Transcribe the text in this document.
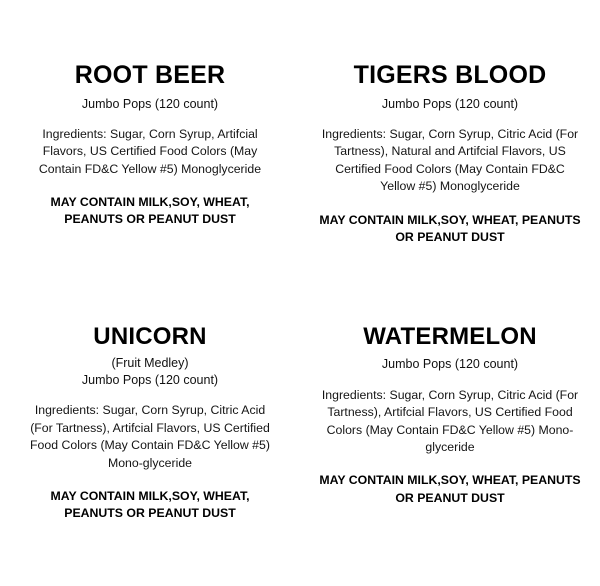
ROOT BEER
Jumbo Pops (120 count)
Ingredients: Sugar, Corn Syrup, Artifcial Flavors, US Certified Food Colors (May Contain FD&C Yellow #5) Monoglyceride
MAY CONTAIN MILK,SOY, WHEAT, PEANUTS OR PEANUT DUST
TIGERS BLOOD
Jumbo Pops (120 count)
Ingredients: Sugar, Corn Syrup, Citric Acid (For Tartness), Natural and Artifcial Flavors, US Certified Food Colors (May Contain FD&C Yellow #5) Monoglyceride
MAY CONTAIN MILK,SOY, WHEAT, PEANUTS OR PEANUT DUST
UNICORN
(Fruit Medley)
Jumbo Pops (120 count)
Ingredients: Sugar, Corn Syrup, Citric Acid (For Tartness), Artifcial Flavors, US Certified Food Colors (May Contain FD&C Yellow #5) Mono-glyceride
MAY CONTAIN MILK,SOY, WHEAT, PEANUTS OR PEANUT DUST
WATERMELON
Jumbo Pops (120 count)
Ingredients: Sugar, Corn Syrup, Citric Acid (For Tartness), Artifcial Flavors, US Certified Food Colors (May Contain FD&C Yellow #5) Mono-glyceride
MAY CONTAIN MILK,SOY, WHEAT, PEANUTS OR PEANUT DUST
